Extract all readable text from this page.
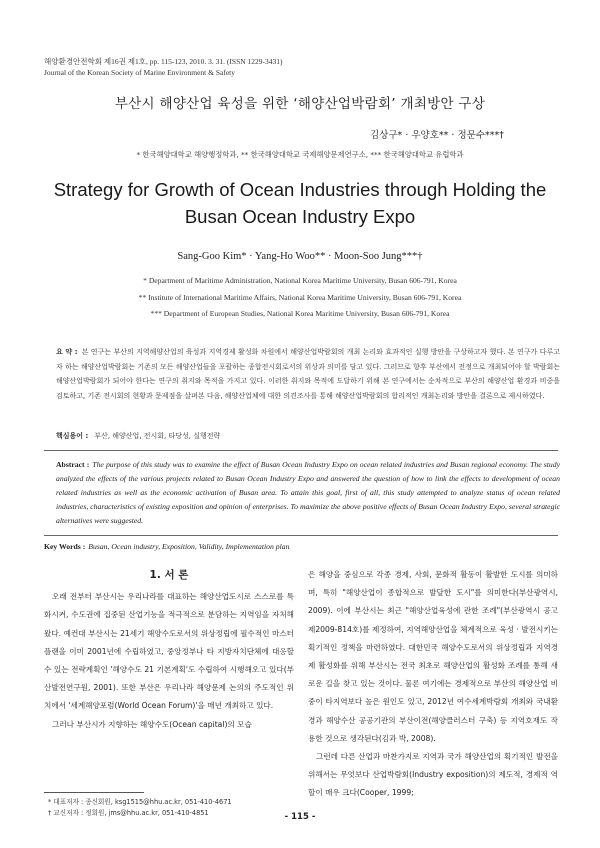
해양환경안전학회 제16권 제1호, pp. 115-123, 2010. 3. 31. (ISSN 1229-3431)
Journal of the Korean Society of Marine Environment & Safety
부산시 해양산업 육성을 위한 ‘해양산업박람회’ 개최방안 구상
김상구* · 우양호** · 정문수***†
* 한국해양대학교 해양행정학과, ** 한국해양대학교 국제해양문제연구소, *** 한국해양대학교 유럽학과
Strategy for Growth of Ocean Industries through Holding the Busan Ocean Industry Expo
Sang-Goo Kim* · Yang-Ho Woo** · Moon-Soo Jung***†
* Department of Maritime Administration, National Korea Maritime University, Busan 606-791, Korea
** Institute of International Maritime Affairs, National Korea Maritime University, Busan 606-791, Korea
*** Department of European Studies, National Korea Maritime University, Busan 606-791, Korea
요 약 : 본 연구는 부산의 지역해양산업의 육성과 지역경제 활성화 차원에서 해양산업박람회의 개최 논리와 효과적인 실행 방안을 구상하고자 했다. 본 연구가 다루고자 하는 해양산업박람회는 기존의 모든 해양산업들을 포괄하는 종합전시회로서의 위상과 의미를 담고 있다. 그러므로 향후 부산에서 전정으로 개최되어야 할 박람회는 해양산업박람회가 되어야 한다는 연구의 취지와 목적을 가지고 있다. 이러한 취지와 목적에 도달하기 위해 본 연구에서는 순차적으로 부산의 해양산업 환경과 비중을 검토하고, 기존 전시회의 현황과 문제점을 살펴본 다음, 해양산업체에 대한 의견조사를 통해 해양산업박람회의 합리적인 개최논리와 방안을 결론으로 제시하였다.
핵심용어 : 부산, 해양산업, 전시회, 타당성, 실행전략
Abstract : The purpose of this study was to examine the effect of Busan Ocean Industry Expo on ocean related industries and Busan regional economy. The study analyzed the effects of the various projects related to Busan Ocean Industry Expo and answered the question of how to link the effects to development of ocean related industries as well as the economic activation of Busan area. To attain this goal, first of all, this study attempted to analyze status of ocean related industries, characteristics of existing exposition and opinion of enterprises. To maximize the above positive effects of Busan Ocean Industry Expo, several strategic alternatives were suggested.
Key Words : Busan, Ocean industry, Exposition, Validity, Implementation plan
1. 서 론

오래 전부터 부산시는 우리나라를 대표하는 해양산업도시로 스스로를 특화시켜, 수도권에 집중된 산업기능을 적극적으로 분담하는 지역임을 자처해 왔다. 예컨대 부산시는 21세기 해양수도로서의 위상정립에 필수적인 마스터플랜을 이미 2001년에 수립하였고, 중앙정부나 타 지방자치단체에 대응할 수 있는 전략계획인 '해양수도 21 기본계획'도 수립하여 시행해오고 있다(부산발전연구원, 2001). 또한 부산은 우리나라 해양문제 논의의 주도적인 위치에서 '세계해양포럼(World Ocean Forum)'을 매년 개최하고 있다.

그러나 부산시가 지향하는 해양수도(Ocean capital)의 모습

은 해양을 중심으로 각종 경제, 사회, 문화적 활동이 활발한 도시를 의미하며, 특히 "해양산업이 종합적으로 발달한 도시"를 의미한다(부산광역시, 2009). 이에 부산시는 최근 "해양산업육성에 관한 조례"(부산광역시 공고 제2009-814호)를 제정하여, 지역해양산업을 체계적으로 육성 · 발전시키는 획기적인 정책을 마련하였다. 대한민국 해양수도로서의 위상정립과 지역경제 활성화를 위해 부산시는 전국 최초로 해양산업의 활성화 조례를 통해 새로운 길을 찾고 있는 것이다. 물론 여기에는 경제적으로 부산의 해양산업 비중이 타지역보다 높은 원인도 있고, 2012년 여수세계박람회 개최와 국내환경과 해양수산 공공기관의 부산이전(해양클러스터 구축) 등 지역호재도 작용한 것으로 생각된다(김과 박, 2008).

그런데 다른 산업과 마찬가지로 지역과 국가 해양산업의 획기적인 발전을 위해서는 무엇보다 산업박람회(Industry exposition)의 제도적, 경제적 역할이 매우 크다(Cooper, 1999;

* 대표저자 : 종신회원, ksg1515@hhu.ac.kr, 051-410-4671
† 교신저자 : 정회원, jms@hhu.ac.kr, 051-410-4851	- 115 -
